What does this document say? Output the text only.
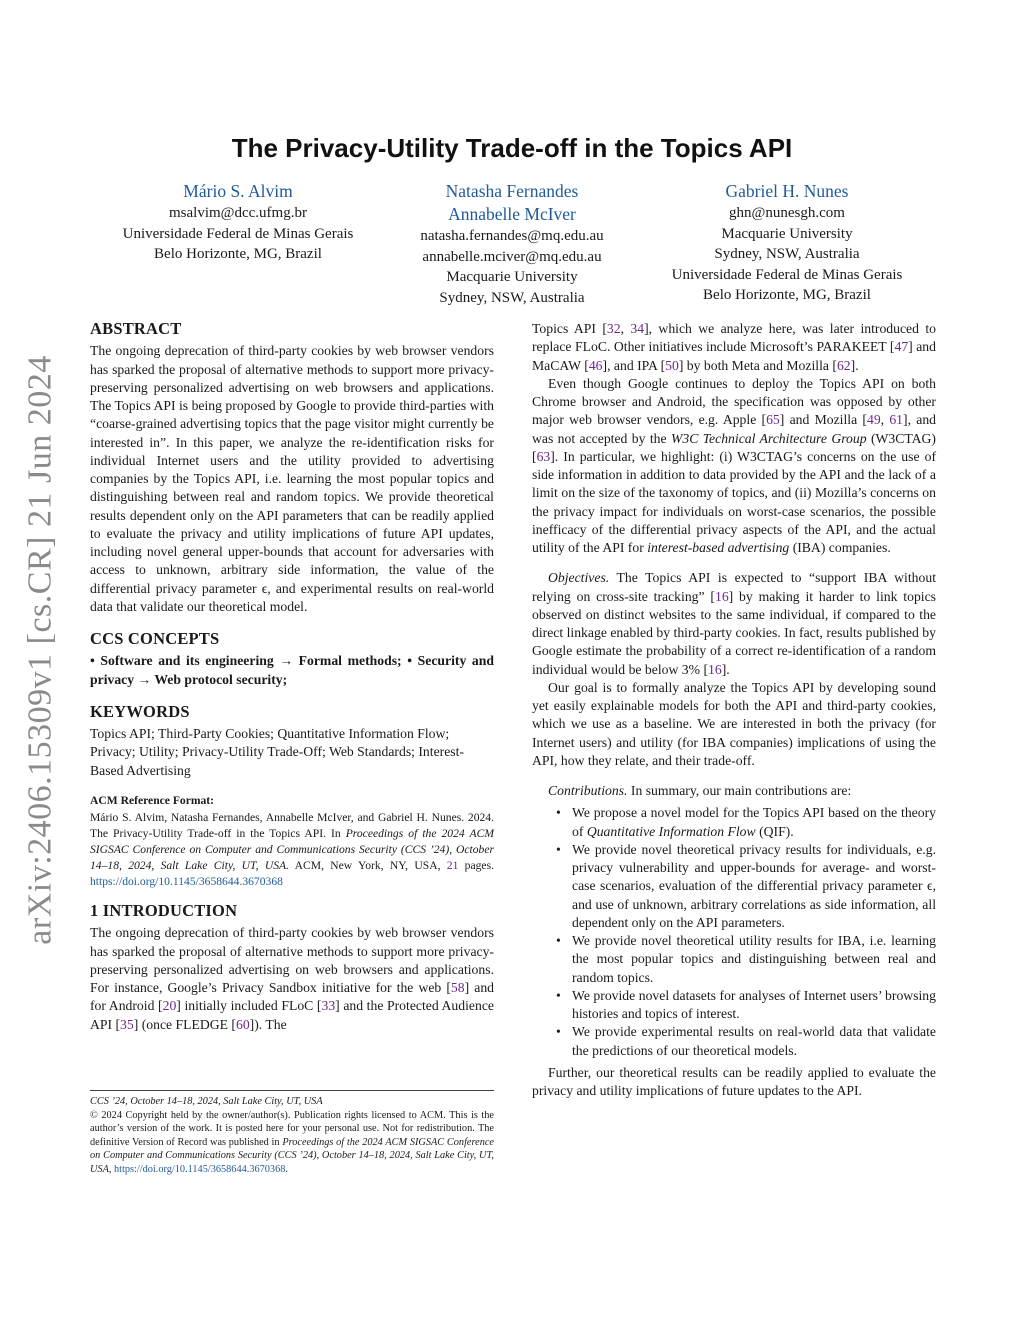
arXiv:2406.15309v1 [cs.CR] 21 Jun 2024
The Privacy-Utility Trade-off in the Topics API
Mário S. Alvim
msalvim@dcc.ufmg.br
Universidade Federal de Minas Gerais
Belo Horizonte, MG, Brazil
Natasha Fernandes
Annabelle McIver
natasha.fernandes@mq.edu.au
annabelle.mciver@mq.edu.au
Macquarie University
Sydney, NSW, Australia
Gabriel H. Nunes
ghn@nunesgh.com
Macquarie University
Sydney, NSW, Australia
Universidade Federal de Minas Gerais
Belo Horizonte, MG, Brazil
ABSTRACT

The ongoing deprecation of third-party cookies by web browser vendors has sparked the proposal of alternative methods to support more privacy-preserving personalized advertising on web browsers and applications. The Topics API is being proposed by Google to provide third-parties with “coarse-grained advertising topics that the page visitor might currently be interested in”. In this paper, we analyze the re-identification risks for individual Internet users and the utility provided to advertising companies by the Topics API, i.e. learning the most popular topics and distinguishing between real and random topics. We provide theoretical results dependent only on the API parameters that can be readily applied to evaluate the privacy and utility implications of future API updates, including novel general upper-bounds that account for adversaries with access to unknown, arbitrary side information, the value of the differential privacy parameter ϵ, and experimental results on real-world data that validate our theoretical model.

CCS CONCEPTS

• Software and its engineering → Formal methods; • Security and privacy → Web protocol security;

KEYWORDS

Topics API; Third-Party Cookies; Quantitative Information Flow; Privacy; Utility; Privacy-Utility Trade-Off; Web Standards; Interest-Based Advertising

ACM Reference Format:

Mário S. Alvim, Natasha Fernandes, Annabelle McIver, and Gabriel H. Nunes. 2024. The Privacy-Utility Trade-off in the Topics API. In Proceedings of the 2024 ACM SIGSAC Conference on Computer and Communications Security (CCS ’24), October 14–18, 2024, Salt Lake City, UT, USA. ACM, New York, NY, USA, 21 pages. https://doi.org/10.1145/3658644.3670368

1 INTRODUCTION

The ongoing deprecation of third-party cookies by web browser vendors has sparked the proposal of alternative methods to support more privacy-preserving personalized advertising on web browsers and applications. For instance, Google’s Privacy Sandbox initiative for the web [58] and for Android [20] initially included FLoC [33] and the Protected Audience API [35] (once FLEDGE [60]). The

CCS ’24, October 14–18, 2024, Salt Lake City, UT, USA

© 2024 Copyright held by the owner/author(s). Publication rights licensed to ACM. This is the author’s version of the work. It is posted here for your personal use. Not for redistribution. The definitive Version of Record was published in Proceedings of the 2024 ACM SIGSAC Conference on Computer and Communications Security (CCS ’24), October 14–18, 2024, Salt Lake City, UT, USA, https://doi.org/10.1145/3658644.3670368.

Topics API [32, 34], which we analyze here, was later introduced to replace FLoC. Other initiatives include Microsoft’s PARAKEET [47] and MaCAW [46], and IPA [50] by both Meta and Mozilla [62].

Even though Google continues to deploy the Topics API on both Chrome browser and Android, the specification was opposed by other major web browser vendors, e.g. Apple [65] and Mozilla [49, 61], and was not accepted by the W3C Technical Architecture Group (W3CTAG) [63]. In particular, we highlight: (i) W3CTAG’s concerns on the use of side information in addition to data provided by the API and the lack of a limit on the size of the taxonomy of topics, and (ii) Mozilla’s concerns on the privacy impact for individuals on worst-case scenarios, the possible inefficacy of the differential privacy aspects of the API, and the actual utility of the API for interest-based advertising (IBA) companies.

Objectives. The Topics API is expected to “support IBA without relying on cross-site tracking” [16] by making it harder to link topics observed on distinct websites to the same individual, if compared to the direct linkage enabled by third-party cookies. In fact, results published by Google estimate the probability of a correct re-identification of a random individual would be below 3% [16].

Our goal is to formally analyze the Topics API by developing sound yet easily explainable models for both the API and third-party cookies, which we use as a baseline. We are interested in both the privacy (for Internet users) and utility (for IBA companies) implications of using the API, how they relate, and their trade-off.

Contributions. In summary, our main contributions are:

• We propose a novel model for the Topics API based on the theory of Quantitative Information Flow (QIF).
• We provide novel theoretical privacy results for individuals, e.g. privacy vulnerability and upper-bounds for average- and worst-case scenarios, evaluation of the differential privacy parameter ϵ, and use of unknown, arbitrary correlations as side information, all dependent only on the API parameters.
• We provide novel theoretical utility results for IBA, i.e. learning the most popular topics and distinguishing between real and random topics.
• We provide novel datasets for analyses of Internet users’ browsing histories and topics of interest.
• We provide experimental results on real-world data that validate the predictions of our theoretical models.

Further, our theoretical results can be readily applied to evaluate the privacy and utility implications of future updates to the API.
